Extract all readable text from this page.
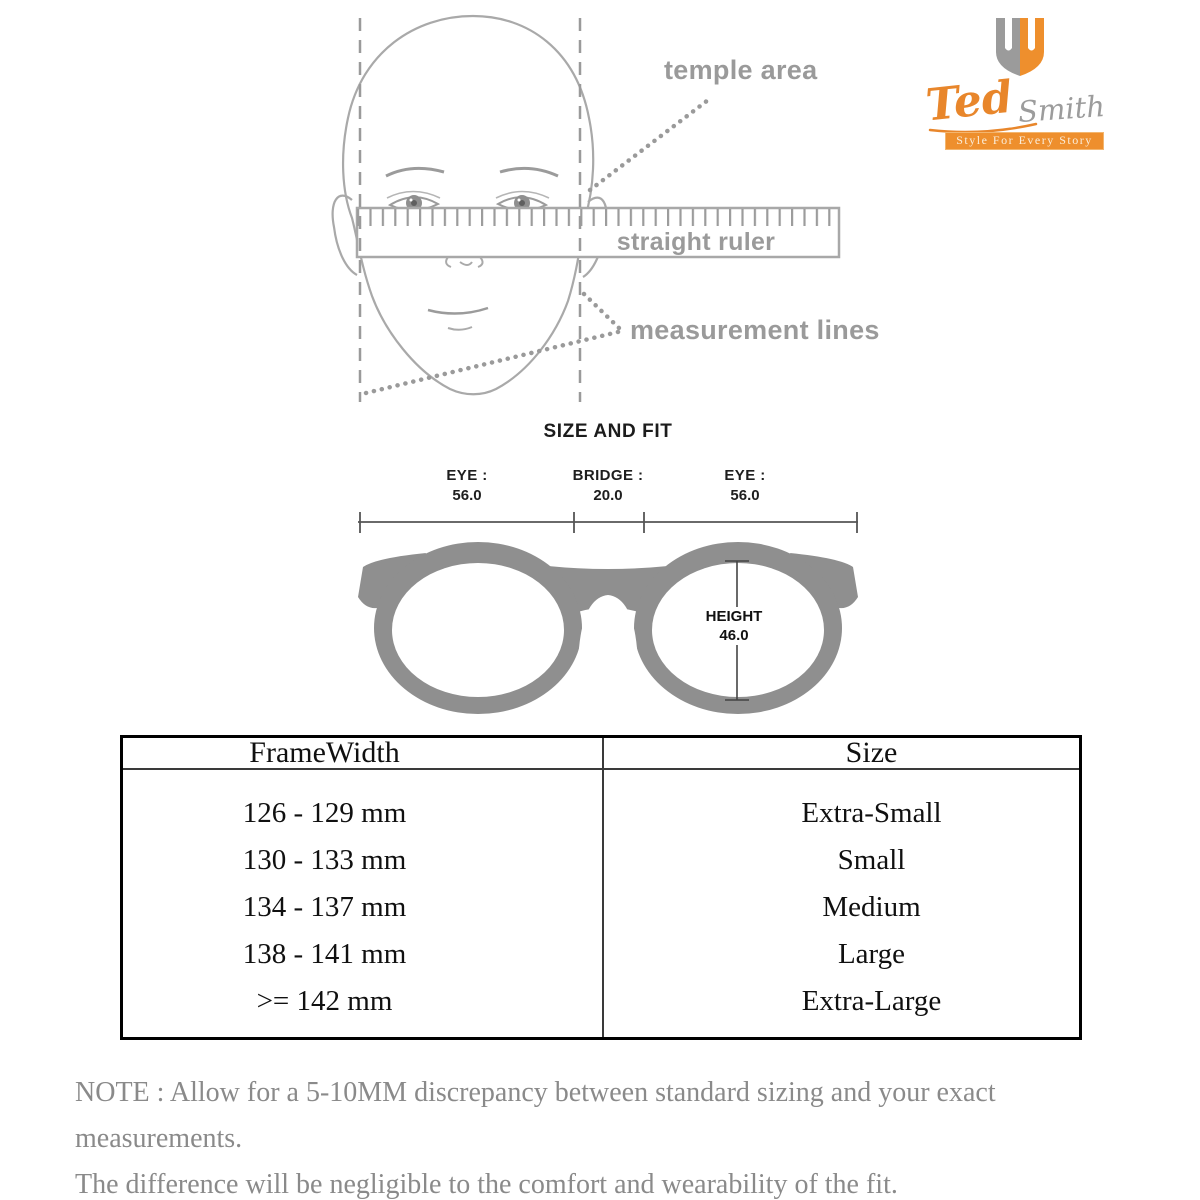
temple area
straight ruler
measurement lines
Ted Smith
Style For Every Story
SIZE AND FIT
EYE :
56.0
BRIDGE :
20.0
EYE :
56.0
HEIGHT
46.0
FrameWidth	Size
126 - 129 mm	Extra-Small
130 - 133 mm	Small
134 - 137 mm	Medium
138 - 141 mm	Large
>= 142 mm	Extra-Large
NOTE : Allow for a 5-10MM discrepancy between standard sizing and your exact measurements.
The difference will be negligible to the comfort and wearability of the fit.
